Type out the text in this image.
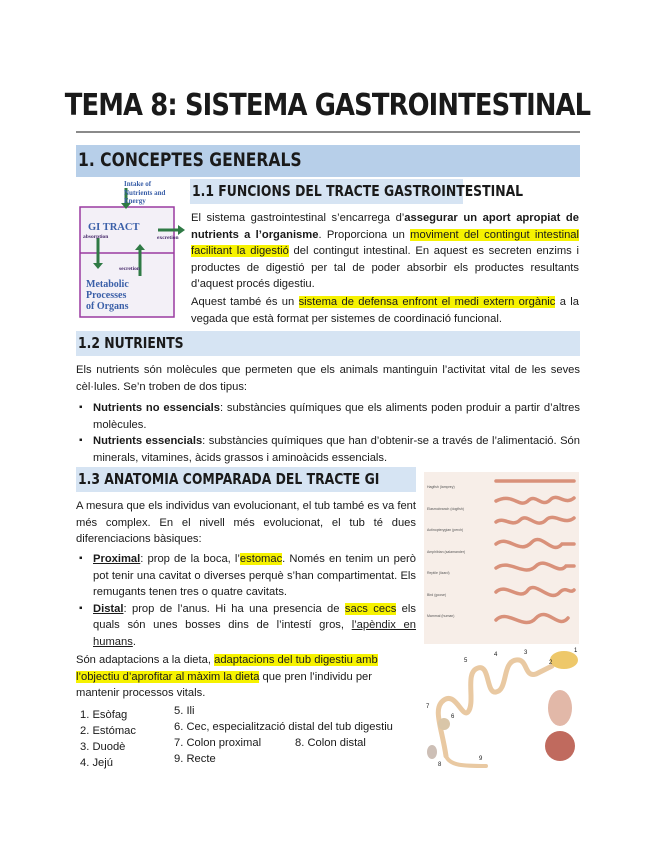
TEMA 8: SISTEMA GASTROINTESTINAL
1. CONCEPTES GENERALS
Intake of
Nutrients and
Energy
GI TRACT
absorption	excretion
secretion
Metabolic
Processes
of Organs
1.1 FUNCIONS DEL TRACTE GASTROINTESTINAL
El sistema gastrointestinal s’encarrega d’assegurar un aport apropiat de nutrients a l’organisme. Proporciona un moviment del contingut intestinal facilitant la digestió del contingut intestinal. En aquest es secreten enzims i productes de digestió per tal de poder absorbir els productes resultants d’aquest procés digestiu.
Aquest també és un sistema de defensa enfront el medi extern orgànic a la vegada que està format per sistemes de coordinació funcional.
1.2 NUTRIENTS
Els nutrients són molècules que permeten que els animals mantinguin l’activitat vital de les seves cèl·lules. Se’n troben de dos tipus:
▪ Nutrients no essencials: substàncies químiques que els aliments poden produir a partir d’altres molècules.
▪ Nutrients essencials: substàncies químiques que han d’obtenir-se a través de l’alimentació. Són minerals, vitamines, àcids grassos i aminoàcids essencials.
1.3 ANATOMIA COMPARADA DEL TRACTE GI
A mesura que els individus van evolucionant, el tub també es va fent més complex. En el nivell més evolucionat, el tub té dues diferenciacions bàsiques:
▪ Proximal: prop de la boca, l’estomac. Només en tenim un però pot tenir una cavitat o diverses perquè s’han compartimentat. Els remugants tenen tres o quatre cavitats.
▪ Distal: prop de l’anus. Hi ha una presencia de sacs cecs els quals són unes bosses dins de l’intestí gros, l’apèndix en humans.
Són adaptacions a la dieta, adaptacions del tub digestiu amb l’objectiu d’aprofitar al màxim la dieta que pren l’individu per mantenir processos vitals.
1. Esòfag
2. Estómac
3. Duodè
4. Jejú
5. Ili
6. Cec, especialització distal del tub digestiu
7. Colon proximal
9. Recte
8. Colon distal
Hagfish (lamprey)
Elasmobranch (dogfish)
Actinopterygian (perch)
Amphibian (salamander)
Reptile (lizard)
Bird (goose)
Mammal (human)
2
1
3
4
5
6
7
8
9
